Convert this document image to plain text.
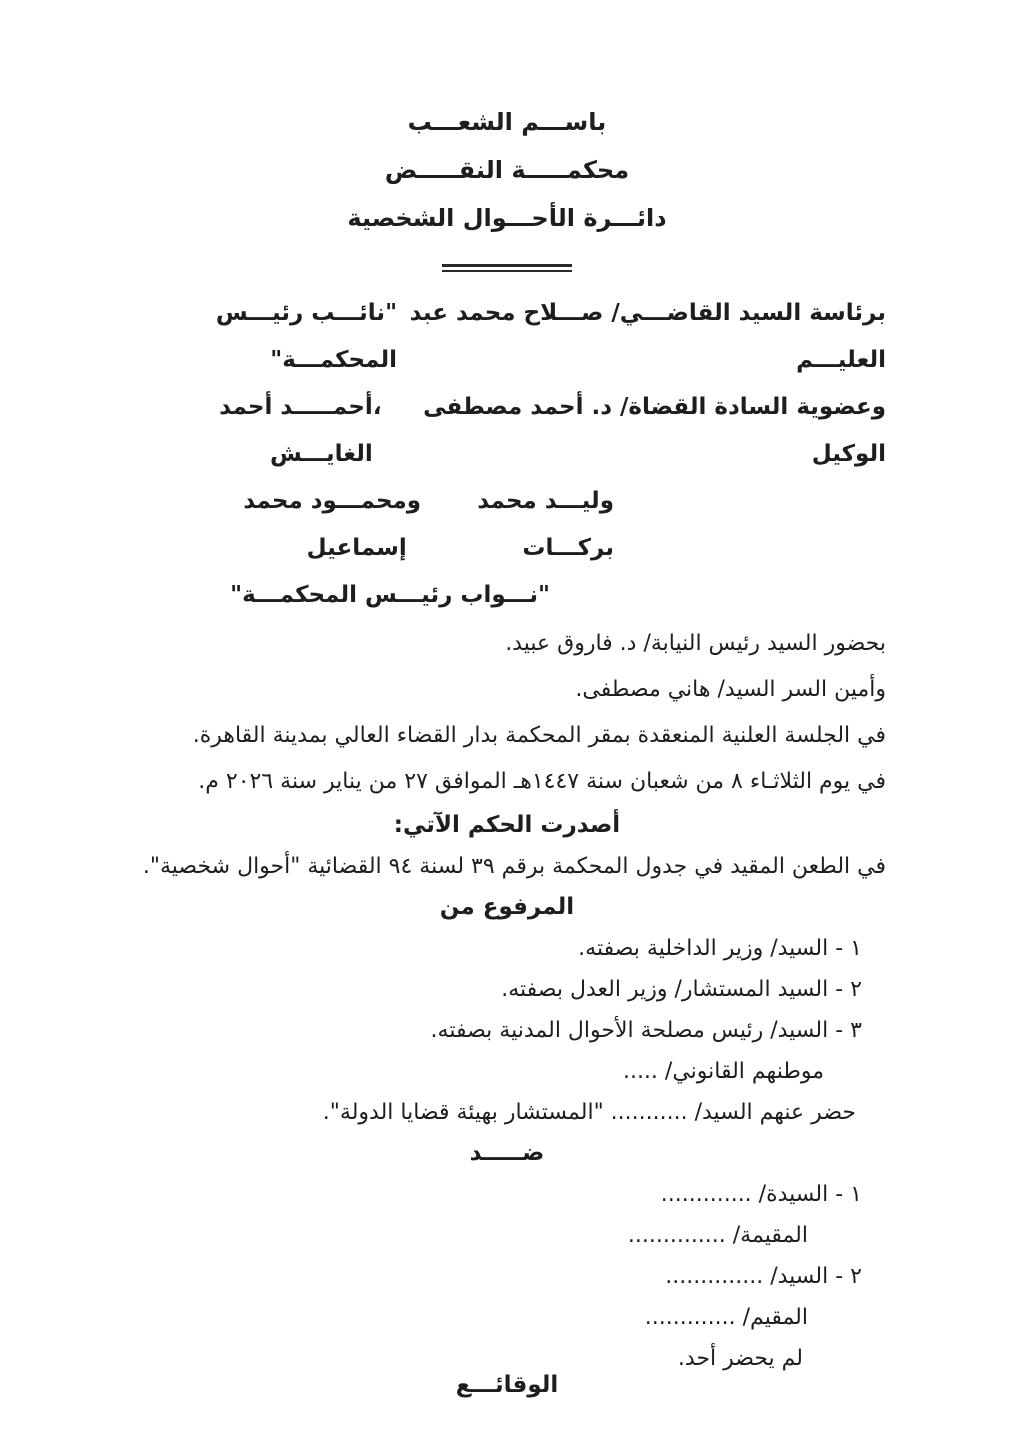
باســـم الشعـــب
محكمـــــة النقـــــض
دائـــرة الأحـــوال الشخصية
برئاسة السيد القاضـــي/ صـــلاح محمد عبد العليـــم
"نائـــب رئيـــس المحكمـــة"
وعضوية السادة القضاة/ د. أحمد مصطفى الوكيل
،
أحمـــــد أحمد الغايـــش
وليـــد محمد بركـــات
و
محمـــود محمد إسماعيل
"نـــواب رئيـــس المحكمـــة"
بحضور السيد رئيس النيابة/ د. فاروق عبيد.
وأمين السر السيد/ هاني مصطفى.
في الجلسة العلنية المنعقدة بمقر المحكمة بدار القضاء العالي بمدينة القاهرة.
في يوم الثلاثـاء ٨ من شعبان سنة ١٤٤٧هـ الموافق ٢٧ من يناير سنة ٢٠٢٦ م.
أصدرت الحكم الآتي:
في الطعن المقيد في جدول المحكمة برقم ٣٩ لسنة ٩٤ القضائية "أحوال شخصية".
المرفوع من
١ - السيد/ وزير الداخلية بصفته.
٢ - السيد المستشار/ وزير العدل بصفته.
٣ - السيد/ رئيس مصلحة الأحوال المدنية بصفته.
موطنهم القانوني/ .....
حضر عنهم السيد/ ........... "المستشار بهيئة قضايا الدولة".
ضـــــد
١ - السيدة/ .............
المقيمة/ ..............
٢ - السيد/ ..............
المقيم/ .............
لم يحضر أحد.
الوقائـــع
